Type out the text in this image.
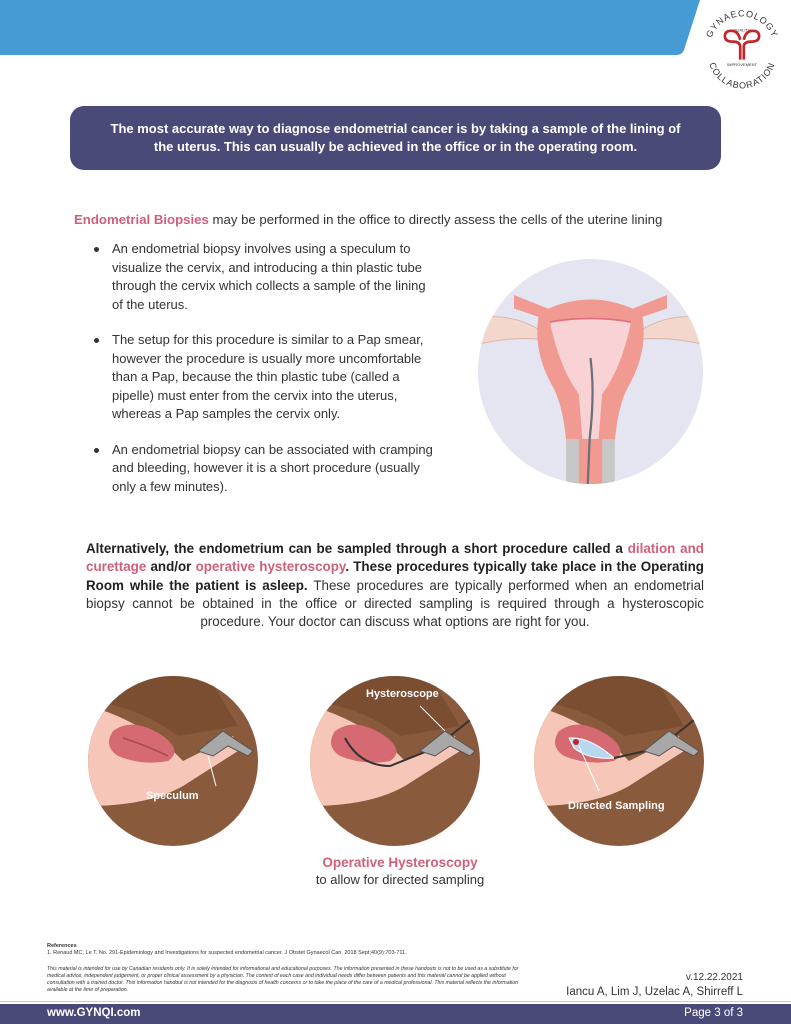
GYNAECOLOGY
COLLABORATION
QUALITY
IMPROVEMENT
The most accurate way to diagnose endometrial cancer is by taking a sample of the lining of the uterus. This can usually be achieved in the office or in the operating room.
Endometrial Biopsies may be performed in the office to directly assess the cells of the uterine lining
An endometrial biopsy involves using a speculum to visualize the cervix, and introducing a thin plastic tube through the cervix which collects a sample of the lining of the uterus.
The setup for this procedure is similar to a Pap smear, however the procedure is usually more uncomfortable than a Pap, because the thin plastic tube (called a pipelle) must enter from the cervix into the uterus, whereas a Pap samples the cervix only.
An endometrial biopsy can be associated with cramping and bleeding, however it is a short procedure (usually only a few minutes).
Alternatively, the endometrium can be sampled through a short procedure called a dilation and curettage and/or operative hysteroscopy. These procedures typically take place in the Operating Room while the patient is asleep. These procedures are typically performed when an endometrial biopsy cannot be obtained in the office or directed sampling is required through a hysteroscopic procedure. Your doctor can discuss what options are right for you.
Speculum
Hysteroscope
Directed Sampling
Operative Hysteroscopy
to allow for directed sampling
References
1. Renaud MC, Le T. No. 291-Epidemiology and Investigations for suspected endometrial cancer. J Obstet Gynaecol Can. 2018 Sept;40(9):703-711.
This material is intended for use by Canadian residents only. It is solely intended for informational and educational purposes. The information presented in these handouts is not to be used as a substitute for medical advice, independent judgement, or proper clinical assessment by a physician. The context of each case and individual needs differ between patients and this material cannot be applied without consultation with a trained doctor. This information handout is not intended for the diagnosis of health concerns or to take the place of the care of a medical professional. This material reflects the information available at the time of preparation.
v.12.22.2021
Iancu A, Lim J, Uzelac A, Shirreff L
www.GYNQI.com	Page 3 of 3
